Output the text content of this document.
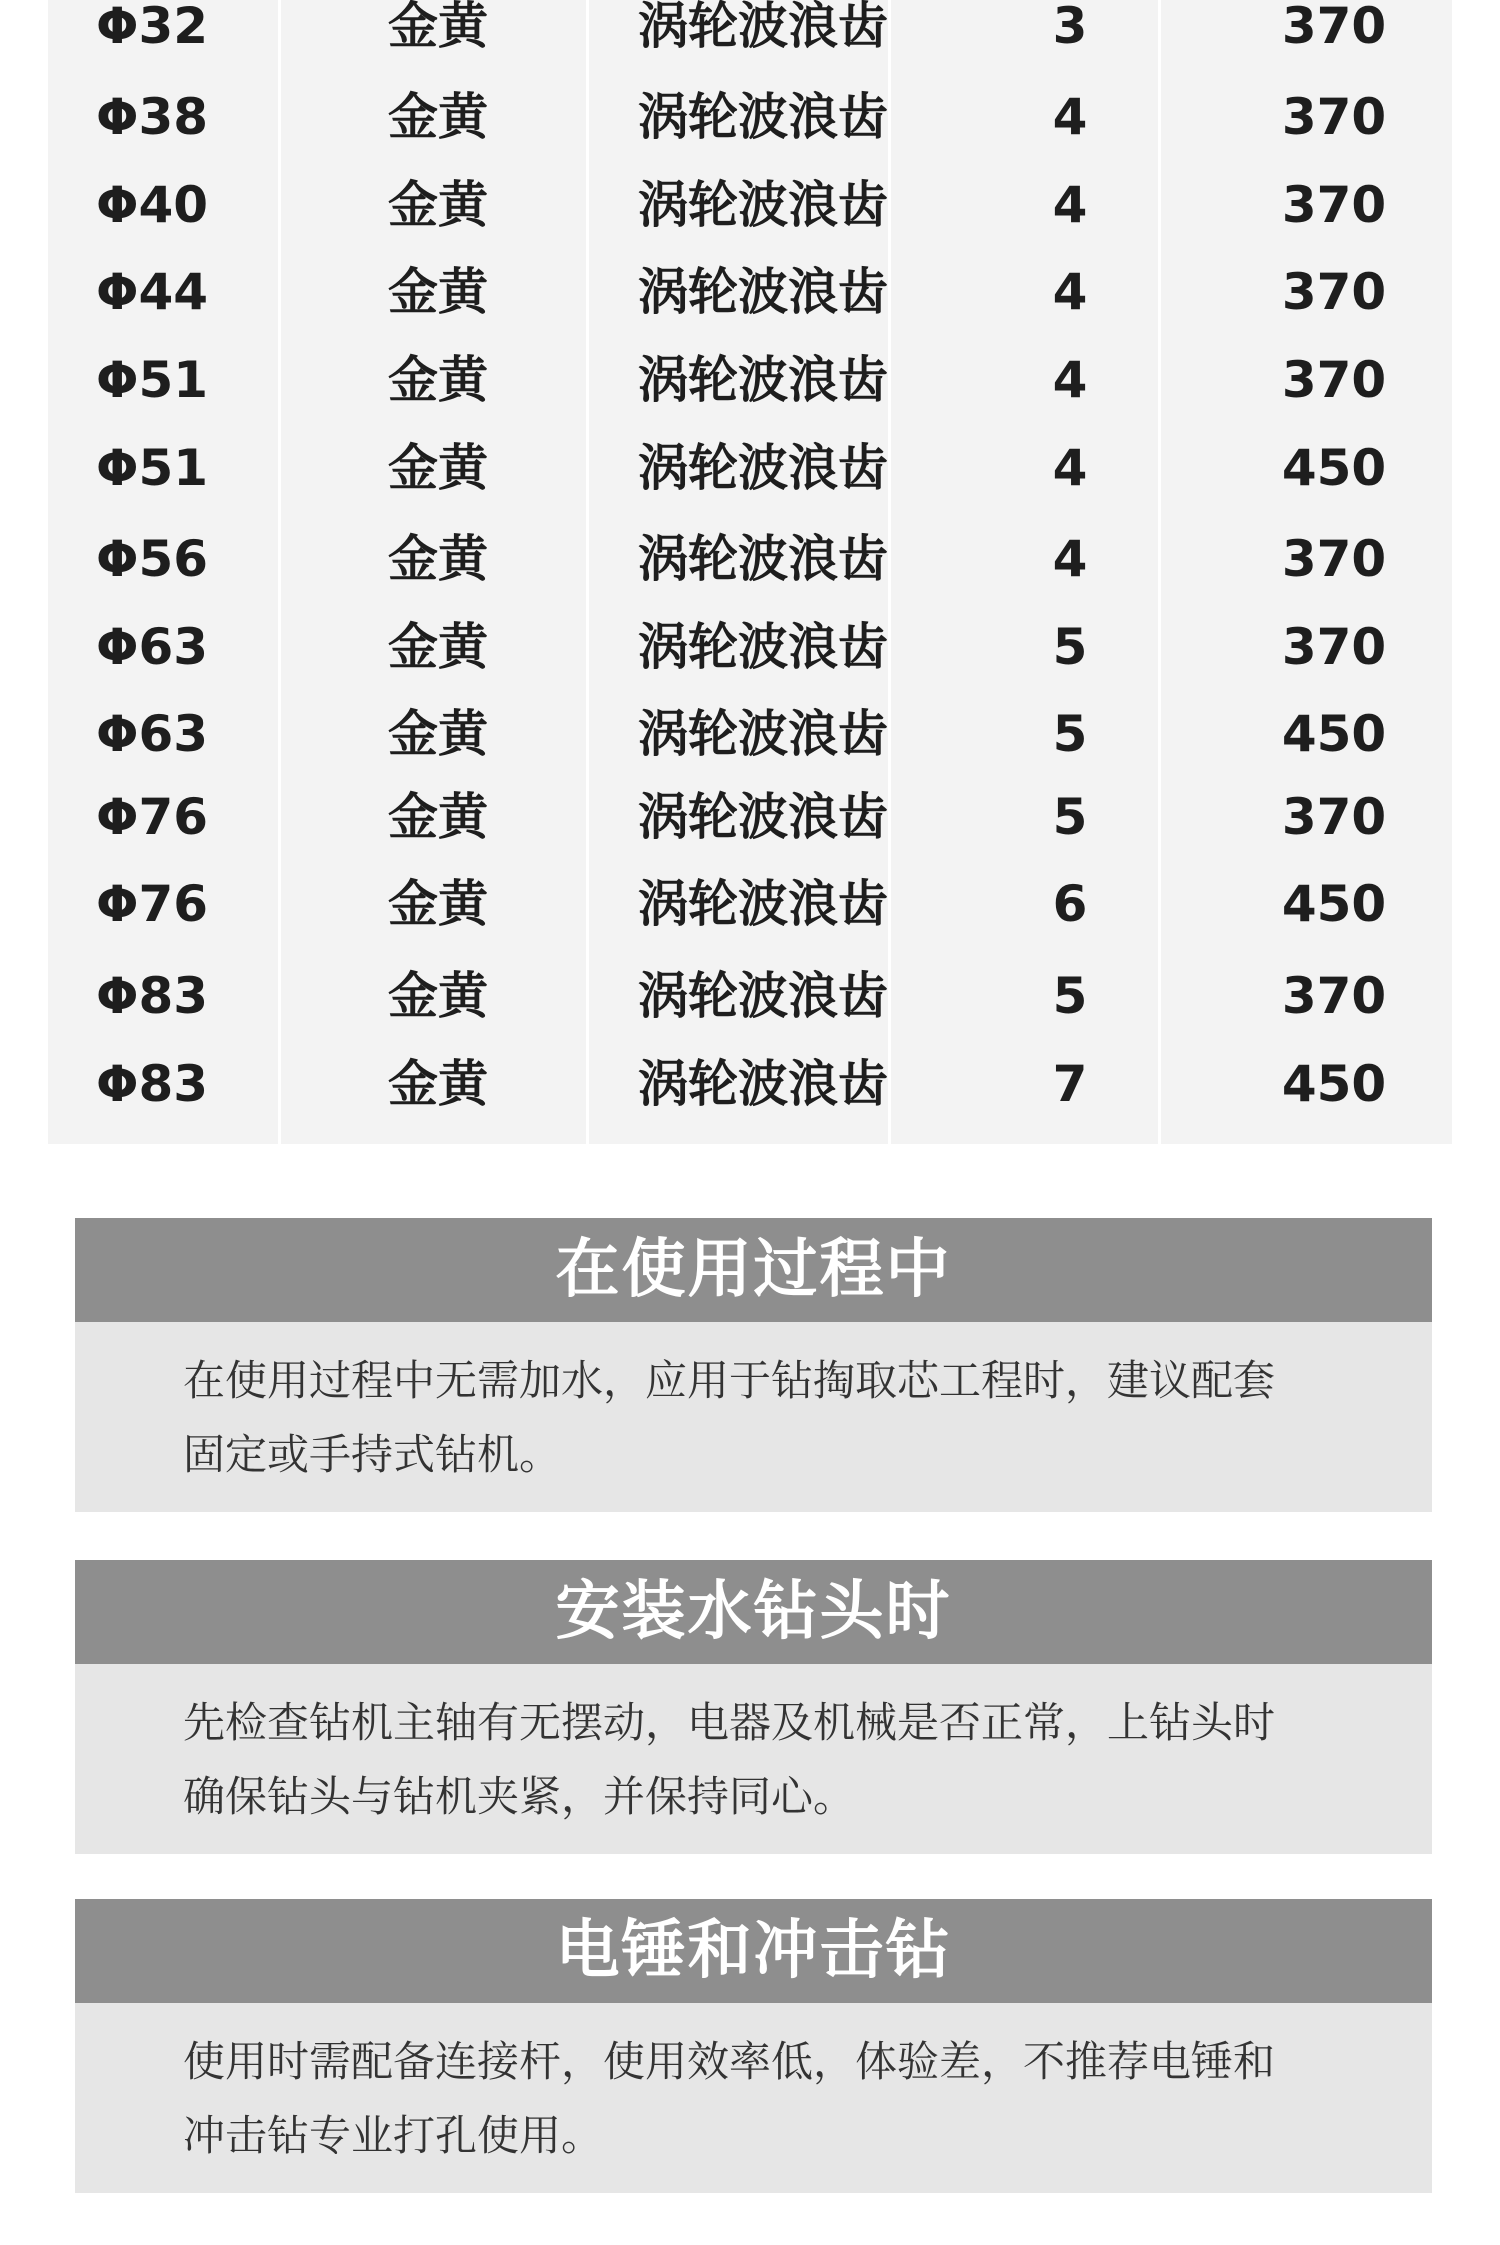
Φ32	金黄	涡轮波浪齿	3	370
Φ38	金黄	涡轮波浪齿	4	370
Φ40	金黄	涡轮波浪齿	4	370
Φ44	金黄	涡轮波浪齿	4	370
Φ51	金黄	涡轮波浪齿	4	370
Φ51	金黄	涡轮波浪齿	4	450
Φ56	金黄	涡轮波浪齿	4	370
Φ63	金黄	涡轮波浪齿	5	370
Φ63	金黄	涡轮波浪齿	5	450
Φ76	金黄	涡轮波浪齿	5	370
Φ76	金黄	涡轮波浪齿	6	450
Φ83	金黄	涡轮波浪齿	5	370
Φ83	金黄	涡轮波浪齿	7	450
在使用过程中
在使用过程中无需加水，应用于钻掏取芯工程时，建议配套
固定或手持式钻机。
安装水钻头时
先检查钻机主轴有无摆动，电器及机械是否正常，上钻头时
确保钻头与钻机夹紧，并保持同心。
电锤和冲击钻
使用时需配备连接杆，使用效率低，体验差，不推荐电锤和
冲击钻专业打孔使用。
